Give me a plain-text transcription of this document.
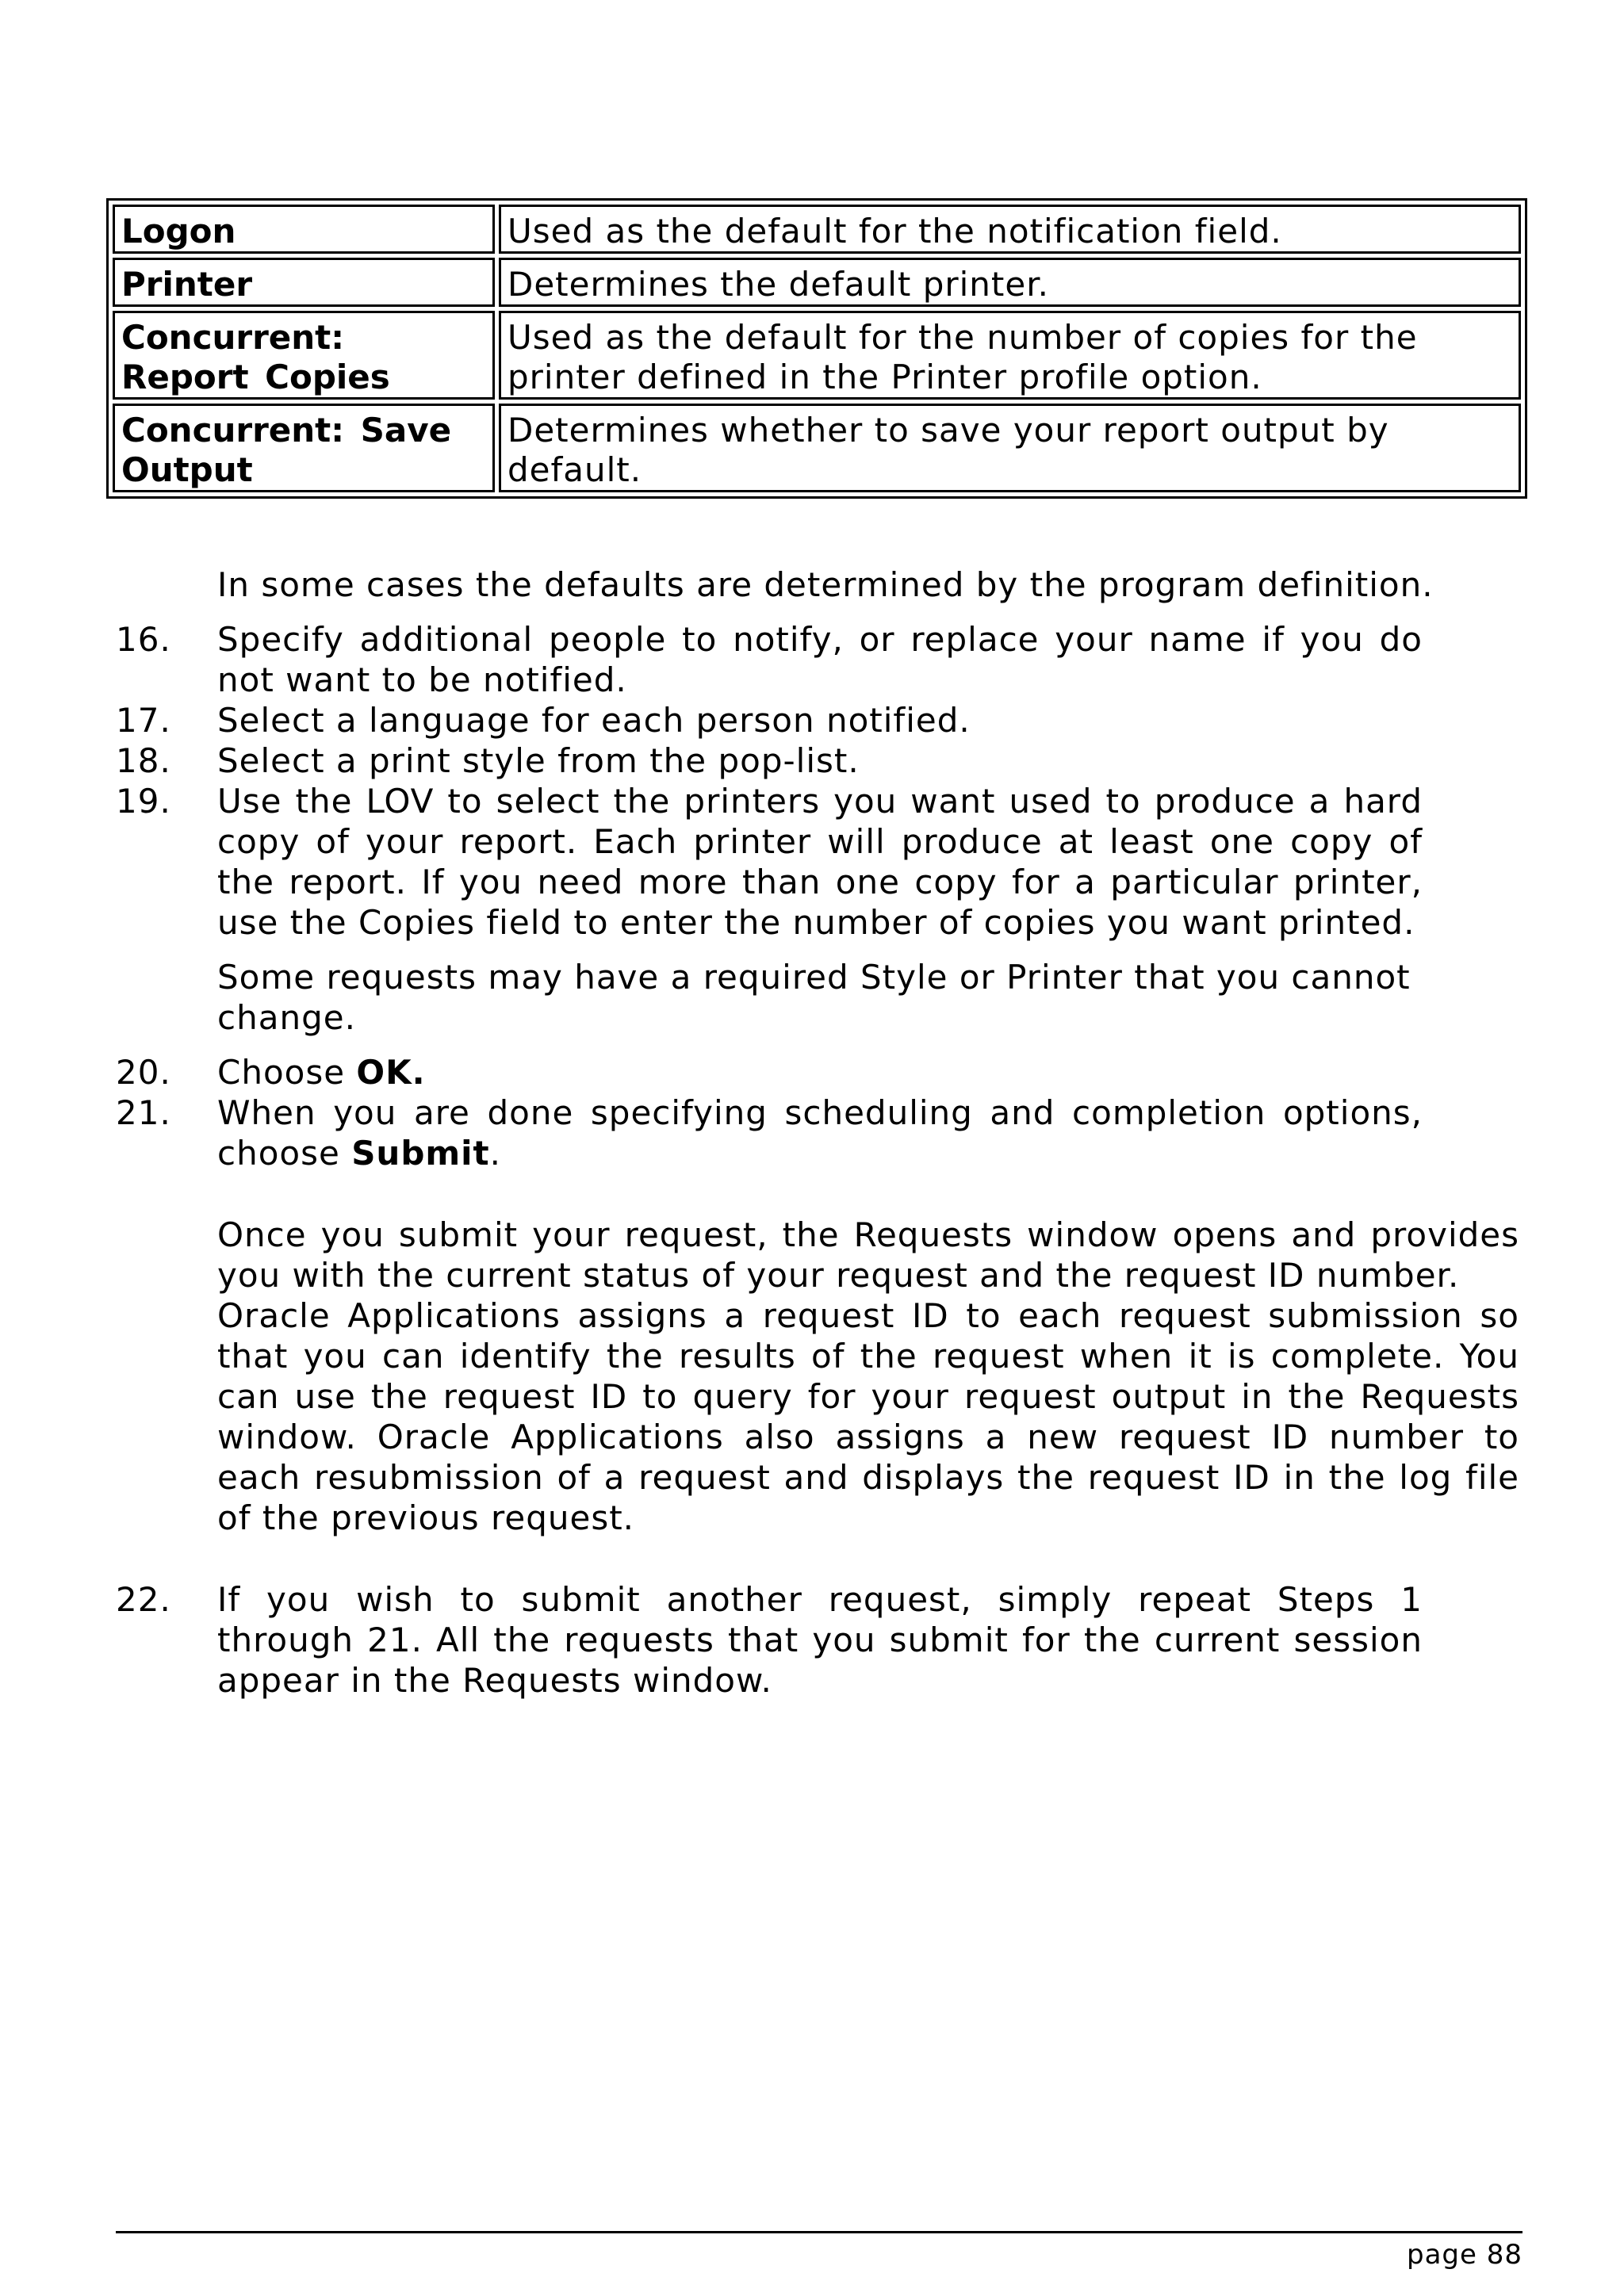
Logon	Used as the default for the notification field.
Printer	Determines the default printer.
Concurrent: Report Copies	Used as the default for the number of copies for the printer defined in the Printer profile option.
Concurrent: Save Output	Determines whether to save your report output by default.

In some cases the defaults are determined by the program definition.

16.	Specify additional people to notify, or replace your name if you do not want to be notified.
17.	Select a language for each person notified.
18.	Select a print style from the pop-list.
19.	Use the LOV to select the printers you want used to produce a hard copy of your report. Each printer will produce at least one copy of the report. If you need more than one copy for a particular printer, use the Copies field to enter the number of copies you want printed.

Some requests may have a required Style or Printer that you cannot change.

20.	Choose OK.
21.	When you are done specifying scheduling and completion options, choose Submit.

Once you submit your request, the Requests window opens and provides you with the current status of your request and the request ID number.

Oracle Applications assigns a request ID to each request submission so that you can identify the results of the request when it is complete. You can use the request ID to query for your request output in the Requests window. Oracle Applications also assigns a new request ID number to each resubmission of a request and displays the request ID in the log file of the previous request.

22.	If you wish to submit another request, simply repeat Steps 1 through 21. All the requests that you submit for the current session appear in the Requests window.
page 88
